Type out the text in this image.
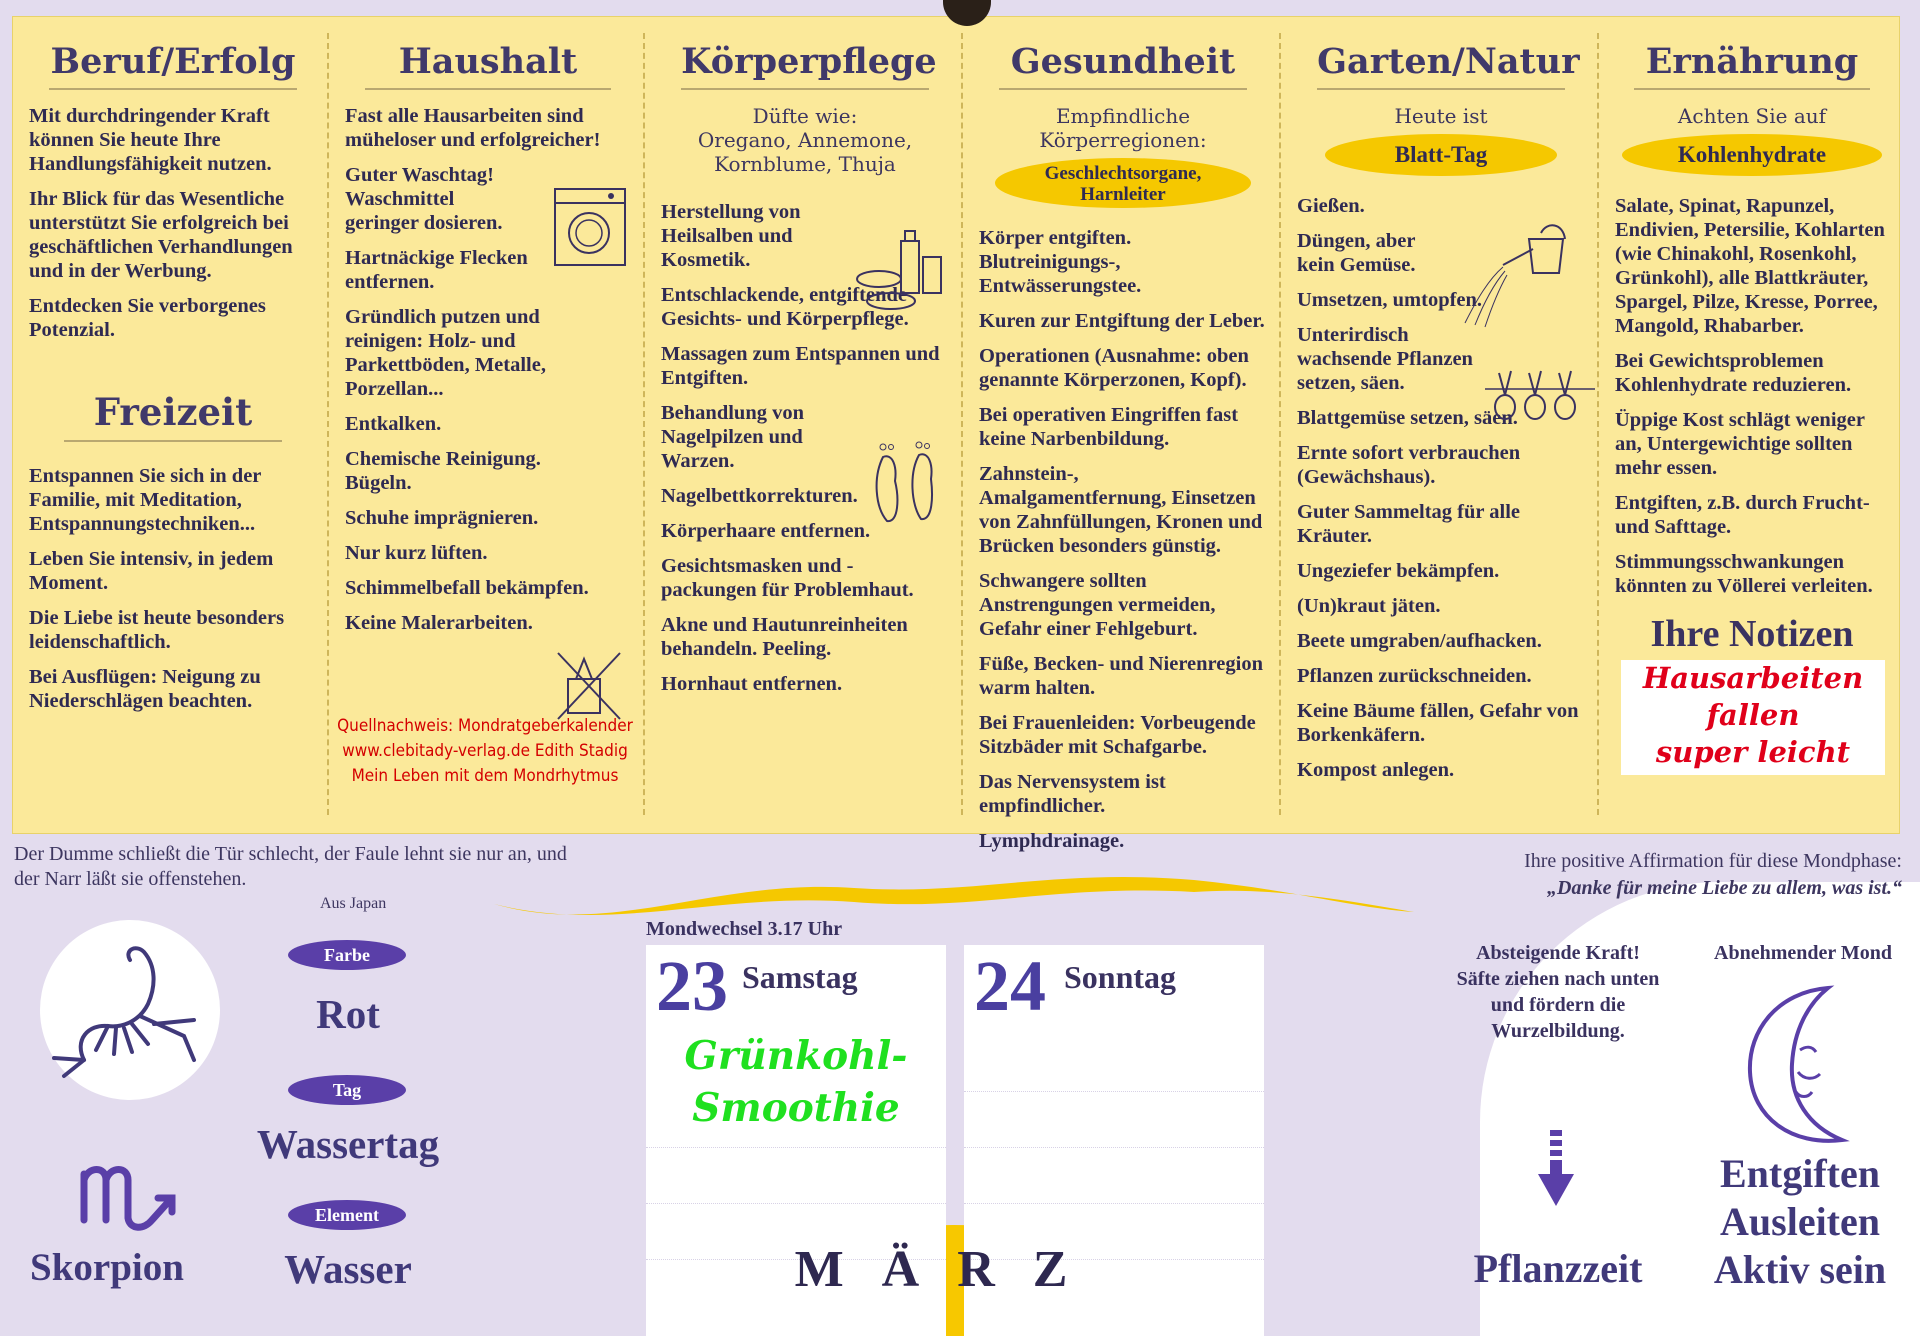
Beruf/Erfolg

Mit durchdringender Kraft können Sie heute Ihre Handlungsfähigkeit nutzen.

Ihr Blick für das Wesentliche unterstützt Sie erfolgreich bei geschäftlichen Verhandlungen und in der Werbung.

Entdecken Sie verborgenes Potenzial.

Freizeit

Entspannen Sie sich in der Familie, mit Meditation, Entspannungstechniken...

Leben Sie intensiv, in jedem Moment.

Die Liebe ist heute besonders leidenschaftlich.

Bei Ausflügen: Neigung zu Niederschlägen beachten.

Haushalt

Fast alle Hausarbeiten sind müheloser und erfolgreicher!

Guter Waschtag! Waschmittel geringer dosieren.

Hartnäckige Flecken entfernen.

Gründlich putzen und reinigen: Holz- und Parkettböden, Metalle, Porzellan...

Entkalken.

Chemische Reinigung. Bügeln.

Schuhe imprägnieren.

Nur kurz lüften.

Schimmelbefall bekämpfen.

Keine Malerarbeiten.

Quellnachweis: Mondratgeberkalender
www.clebitady-verlag.de Edith Stadig
Mein Leben mit dem Mondrhytmus
Körperpflege
Düfte wie:
Oregano, Annemone,
Kornblume, Thuja

Herstellung von Heilsalben und Kosmetik.

Entschlackende, entgiftende Gesichts- und Körperpflege.

Massagen zum Entspannen und Entgiften.

Behandlung von Nagelpilzen und Warzen.

Nagelbettkorrekturen.

Körperhaare entfernen.

Gesichtsmasken und -packungen für Problemhaut.

Akne und Hautunreinheiten behandeln. Peeling.

Hornhaut entfernen.

Gesundheit
Empfindliche Körperregionen:
Geschlechtsorgane,
Harnleiter

Körper entgiften. Blutreinigungs-, Entwässerungstee.

Kuren zur Entgiftung der Leber.

Operationen (Ausnahme: oben genannte Körperzonen, Kopf).

Bei operativen Eingriffen fast keine Narbenbildung.

Zahnstein-, Amalgamentfernung, Einsetzen von Zahnfüllungen, Kronen und Brücken besonders günstig.

Schwangere sollten Anstrengungen vermeiden, Gefahr einer Fehlgeburt.

Füße, Becken- und Nierenregion warm halten.

Bei Frauenleiden: Vorbeugende Sitzbäder mit Schafgarbe.

Das Nervensystem ist empfindlicher.

Lymphdrainage.

Garten/Natur
Heute ist
Blatt-Tag

Gießen.

Düngen, aber kein Gemüse.

Umsetzen, umtopfen.

Unterirdisch wachsende Pflanzen setzen, säen.

Blattgemüse setzen, säen.

Ernte sofort verbrauchen (Gewächshaus).

Guter Sammeltag für alle Kräuter.

Ungeziefer bekämpfen.

(Un)kraut jäten.

Beete umgraben/aufhacken.

Pflanzen zurückschneiden.

Keine Bäume fällen, Gefahr von Borkenkäfern.

Kompost anlegen.

Ernährung
Achten Sie auf
Kohlenhydrate

Salate, Spinat, Rapunzel, Endivien, Petersilie, Kohlarten (wie Chinakohl, Rosenkohl, Grünkohl), alle Blattkräuter, Spargel, Pilze, Kresse, Porree, Mangold, Rhabarber.

Bei Gewichtsproblemen Kohlenhydrate reduzieren.

Üppige Kost schlägt weniger an, Untergewichtige sollten mehr essen.

Entgiften, z.B. durch Frucht- und Safttage.

Stimmungsschwankungen könnten zu Völlerei verleiten.

Ihre Notizen
Hausarbeiten
fallen
super leicht
Der Dumme schließt die Tür schlecht, der Faule lehnt sie nur an, und der Narr läßt sie offenstehen.
Aus Japan
Ihre positive Affirmation für diese Mondphase:
„Danke für meine Liebe zu allem, was ist.“
Skorpion
Farbe
Rot
Tag
Wassertag
Element
Wasser
Mondwechsel 3.17 Uhr
23 Samstag
Grünkohl-
Smoothie
24 Sonntag
MÄRZ
Absteigende Kraft!
Säfte ziehen nach unten
und fördern die
Wurzelbildung.
Abnehmender Mond
Pflanzzeit
Entgiften
Ausleiten
Aktiv sein
